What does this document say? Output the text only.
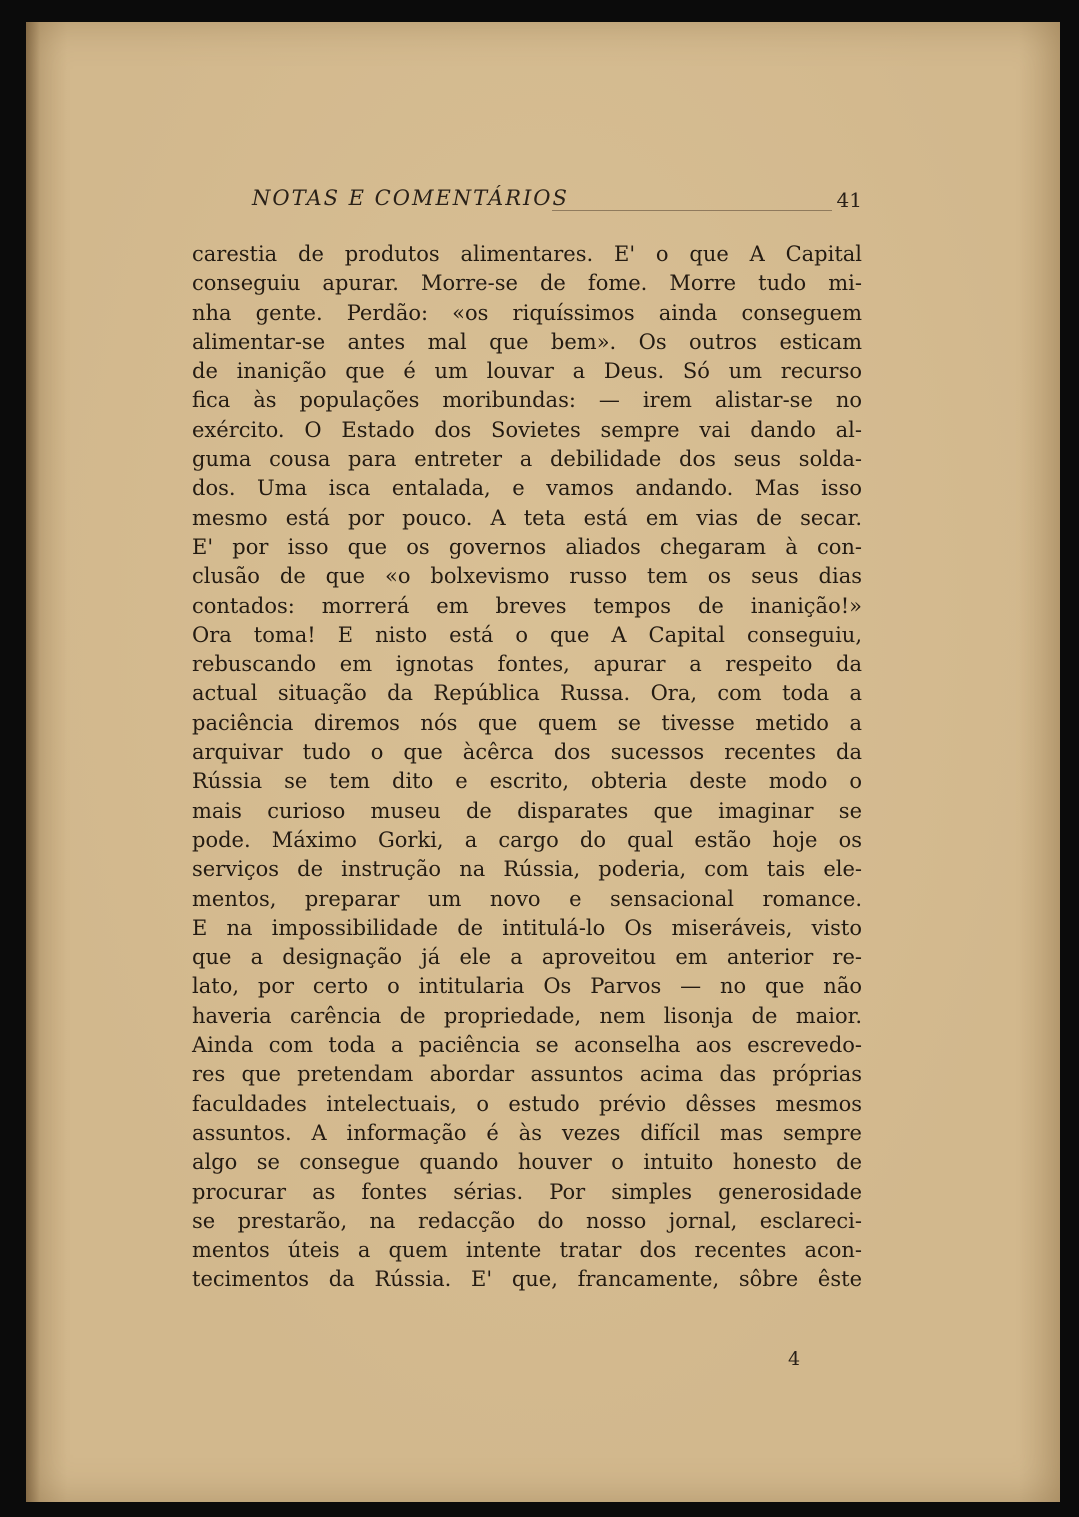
NOTAS E COMENTÁRIOS	41
carestia de produtos alimentares. E' o que A Capital
conseguiu apurar. Morre-se de fome. Morre tudo mi-
nha gente. Perdão: «os riquíssimos ainda conseguem
alimentar-se antes mal que bem». Os outros esticam
de inanição que é um louvar a Deus. Só um recurso
fica às populações moribundas: — irem alistar-se no
exército. O Estado dos Sovietes sempre vai dando al-
guma cousa para entreter a debilidade dos seus solda-
dos. Uma isca entalada, e vamos andando. Mas isso
mesmo está por pouco. A teta está em vias de secar.
E' por isso que os governos aliados chegaram à con-
clusão de que «o bolxevismo russo tem os seus dias
contados: morrerá em breves tempos de inanição!»
Ora toma! E nisto está o que A Capital conseguiu,
rebuscando em ignotas fontes, apurar a respeito da
actual situação da República Russa. Ora, com toda a
paciência diremos nós que quem se tivesse metido a
arquivar tudo o que àcêrca dos sucessos recentes da
Rússia se tem dito e escrito, obteria deste modo o
mais curioso museu de disparates que imaginar se
pode. Máximo Gorki, a cargo do qual estão hoje os
serviços de instrução na Rússia, poderia, com tais ele-
mentos, preparar um novo e sensacional romance.
E na impossibilidade de intitulá-lo Os miseráveis, visto
que a designação já ele a aproveitou em anterior re-
lato, por certo o intitularia Os Parvos — no que não
haveria carência de propriedade, nem lisonja de maior.
Ainda com toda a paciência se aconselha aos escrevedo-
res que pretendam abordar assuntos acima das próprias
faculdades intelectuais, o estudo prévio dêsses mesmos
assuntos. A informação é às vezes difícil mas sempre
algo se consegue quando houver o intuito honesto de
procurar as fontes sérias. Por simples generosidade
se prestarão, na redacção do nosso jornal, esclareci-
mentos úteis a quem intente tratar dos recentes acon-
tecimentos da Rússia. E' que, francamente, sôbre êste
4
